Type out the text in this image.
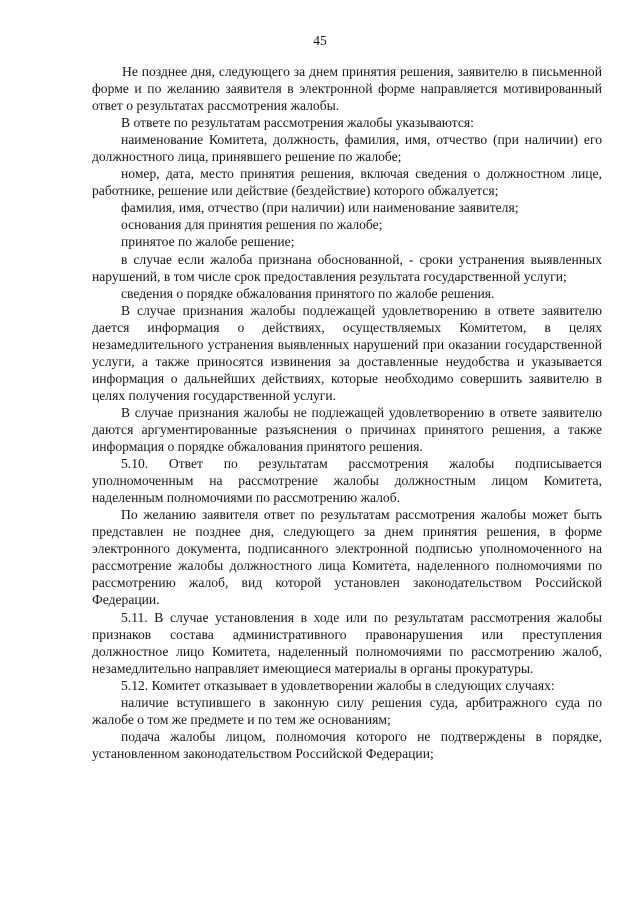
45

Не позднее дня, следующего за днем принятия решения, заявителю в письменной форме и по желанию заявителя в электронной форме направляется мотивированный ответ о результатах рассмотрения жалобы.

В ответе по результатам рассмотрения жалобы указываются:

наименование Комитета, должность, фамилия, имя, отчество (при наличии) его должностного лица, принявшего решение по жалобе;

номер, дата, место принятия решения, включая сведения о должностном лице, работнике, решение или действие (бездействие) которого обжалуется;

фамилия, имя, отчество (при наличии) или наименование заявителя;

основания для принятия решения по жалобе;

принятое по жалобе решение;

в случае если жалоба признана обоснованной, - сроки устранения выявленных нарушений, в том числе срок предоставления результата государственной услуги;

сведения о порядке обжалования принятого по жалобе решения.

В случае признания жалобы подлежащей удовлетворению в ответе заявителю дается информация о действиях, осуществляемых Комитетом, в целях незамедлительного устранения выявленных нарушений при оказании государственной услуги, а также приносятся извинения за доставленные неудобства и указывается информация о дальнейших действиях, которые необходимо совершить заявителю в целях получения государственной услуги.

В случае признания жалобы не подлежащей удовлетворению в ответе заявителю даются аргументированные разъяснения о причинах принятого решения, а также информация о порядке обжалования принятого решения.

5.10. Ответ по результатам рассмотрения жалобы подписывается уполномоченным на рассмотрение жалобы должностным лицом Комитета, наделенным полномочиями по рассмотрению жалоб.

По желанию заявителя ответ по результатам рассмотрения жалобы может быть представлен не позднее дня, следующего за днем принятия решения, в форме электронного документа, подписанного электронной подписью уполномоченного на рассмотрение жалобы должностного лица Комитета, наделенного полномочиями по рассмотрению жалоб, вид которой установлен законодательством Российской Федерации.

5.11. В случае установления в ходе или по результатам рассмотрения жалобы признаков состава административного правонарушения или преступления должностное лицо Комитета, наделенный полномочиями по рассмотрению жалоб, незамедлительно направляет имеющиеся материалы в органы прокуратуры.

5.12. Комитет отказывает в удовлетворении жалобы в следующих случаях:

наличие вступившего в законную силу решения суда, арбитражного суда по жалобе о том же предмете и по тем же основаниям;

подача жалобы лицом, полномочия которого не подтверждены в порядке, установленном законодательством Российской Федерации;
